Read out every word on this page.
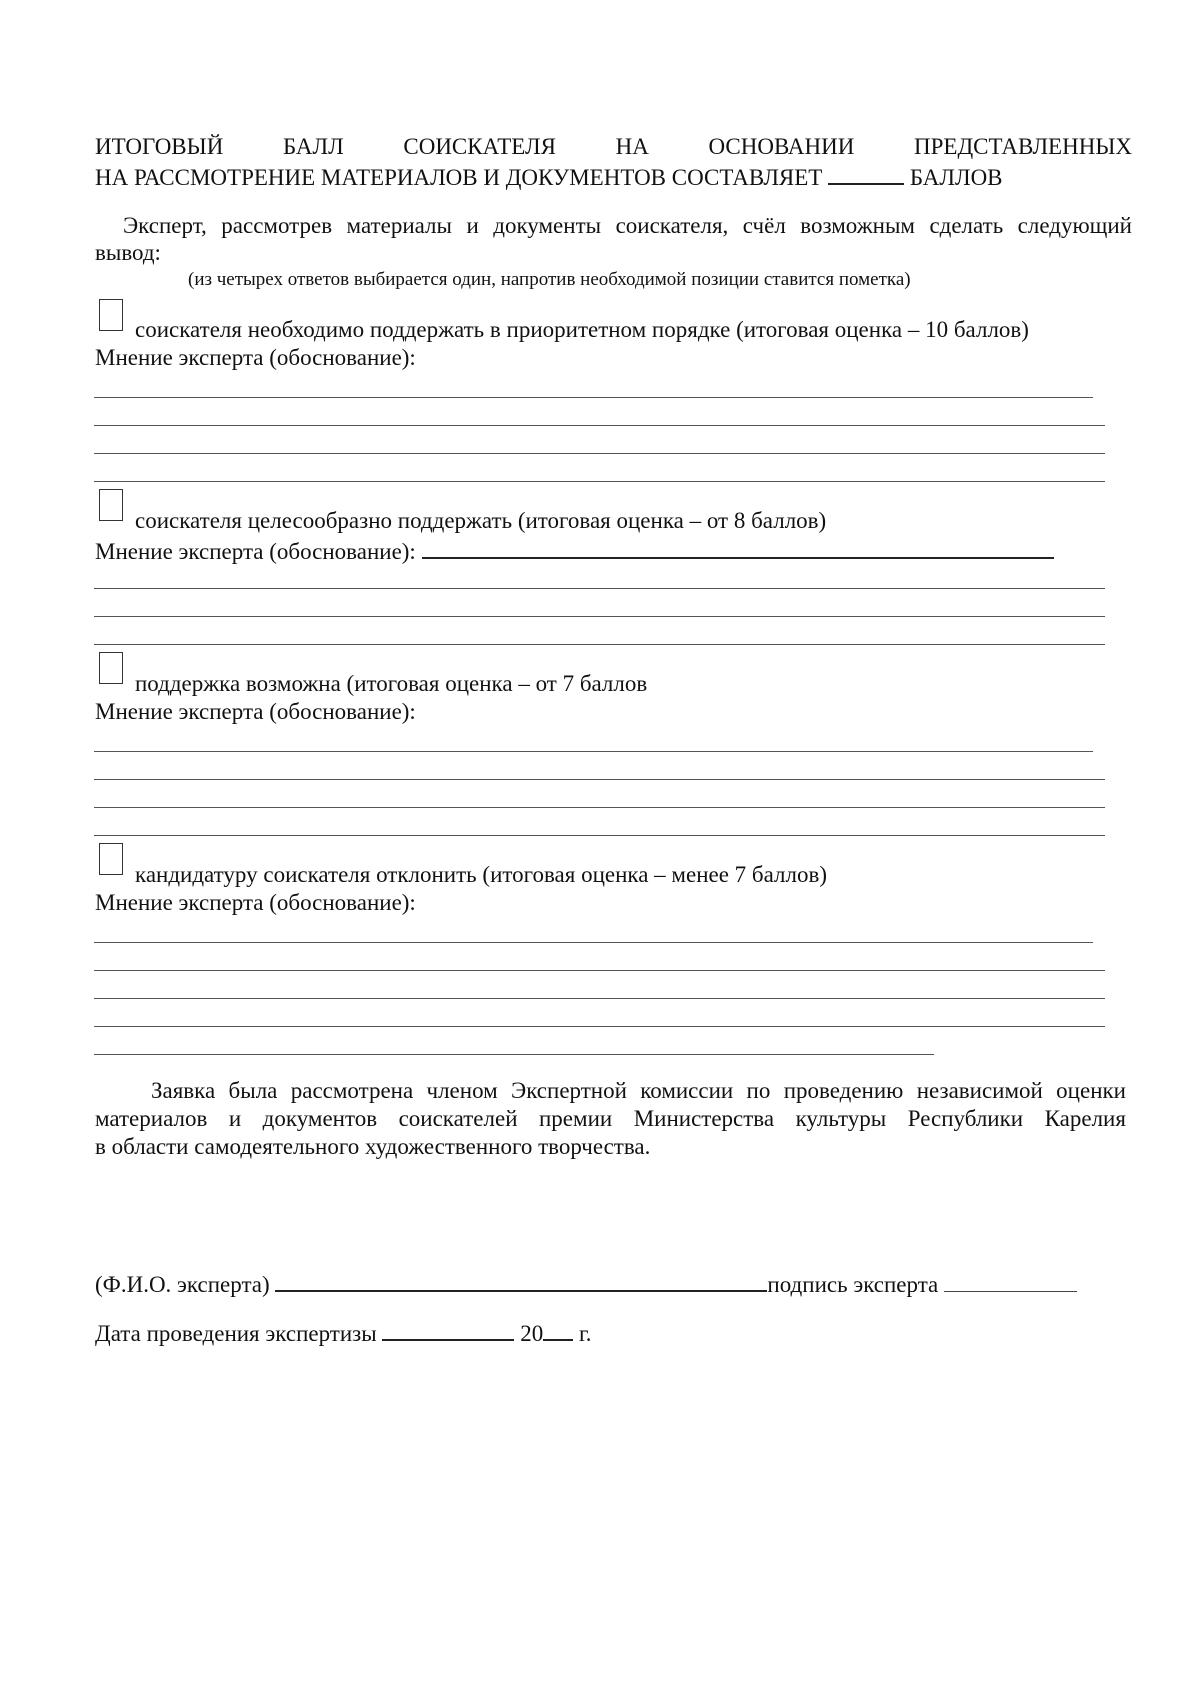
ИТОГОВЫЙ	БАЛЛ	СОИСКАТЕЛЯ	НА	ОСНОВАНИИ	ПРЕДСТАВЛЕННЫХ
НА РАССМОТРЕНИЕ МАТЕРИАЛОВ И ДОКУМЕНТОВ СОСТАВЛЯЕТ	БАЛЛОВ
Эксперт, рассмотрев материалы и документы соискателя, счёл возможным сделать следующий
вывод:
(из четырех ответов выбирается один, напротив необходимой позиции ставится пометка)
соискателя необходимо поддержать в приоритетном порядке (итоговая оценка – 10 баллов)
Мнение эксперта (обоснование):
соискателя целесообразно поддержать (итоговая оценка – от 8 баллов)
Мнение эксперта (обоснование):
поддержка возможна (итоговая оценка – от 7 баллов
Мнение эксперта (обоснование):
кандидатуру соискателя отклонить (итоговая оценка – менее 7 баллов)
Мнение эксперта (обоснование):
Заявка была рассмотрена членом Экспертной комиссии по проведению независимой оценки
материалов и документов соискателей премии Министерства культуры Республики Карелия
в области самодеятельного художественного творчества.
(Ф.И.О. эксперта)	подпись эксперта
Дата проведения экспертизы	20 г.
